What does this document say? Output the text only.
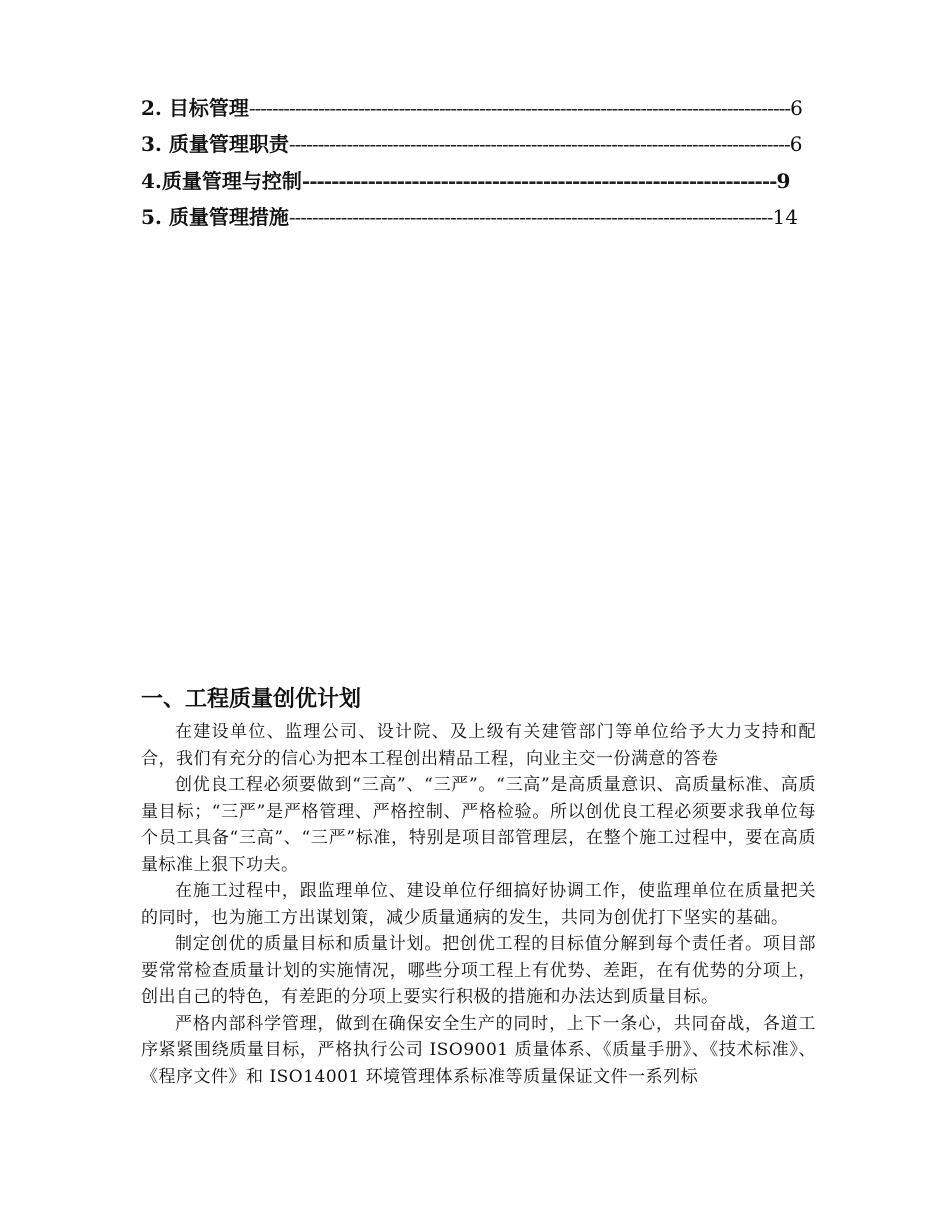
2. 目标管理----------------------------------------------------------------------------------------------6
3. 质量管理职责---------------------------------------------------------------------------------------6
4.质量管理与控制-----------------------------------------------------------------9
5. 质量管理措施------------------------------------------------------------------------------------14
一、工程质量创优计划

在建设单位、监理公司、设计院、及上级有关建管部门等单位给予大力支持和配合，我们有充分的信心为把本工程创出精品工程，向业主交一份满意的答卷

创优良工程必须要做到“三高”、“三严”。“三高”是高质量意识、高质量标准、高质量目标；“三严”是严格管理、严格控制、严格检验。所以创优良工程必须要求我单位每个员工具备“三高”、“三严”标准，特别是项目部管理层，在整个施工过程中，要在高质量标准上狠下功夫。

在施工过程中，跟监理单位、建设单位仔细搞好协调工作，使监理单位在质量把关的同时，也为施工方出谋划策，减少质量通病的发生，共同为创优打下坚实的基础。

制定创优的质量目标和质量计划。把创优工程的目标值分解到每个责任者。项目部要常常检查质量计划的实施情况，哪些分项工程上有优势、差距，在有优势的分项上，创出自己的特色，有差距的分项上要实行积极的措施和办法达到质量目标。

严格内部科学管理，做到在确保安全生产的同时，上下一条心，共同奋战，各道工序紧紧围绕质量目标，严格执行公司 ISO9001 质量体系、《质量手册》、《技术标准》、《程序文件》和 ISO14001 环境管理体系标准等质量保证文件一系列标
